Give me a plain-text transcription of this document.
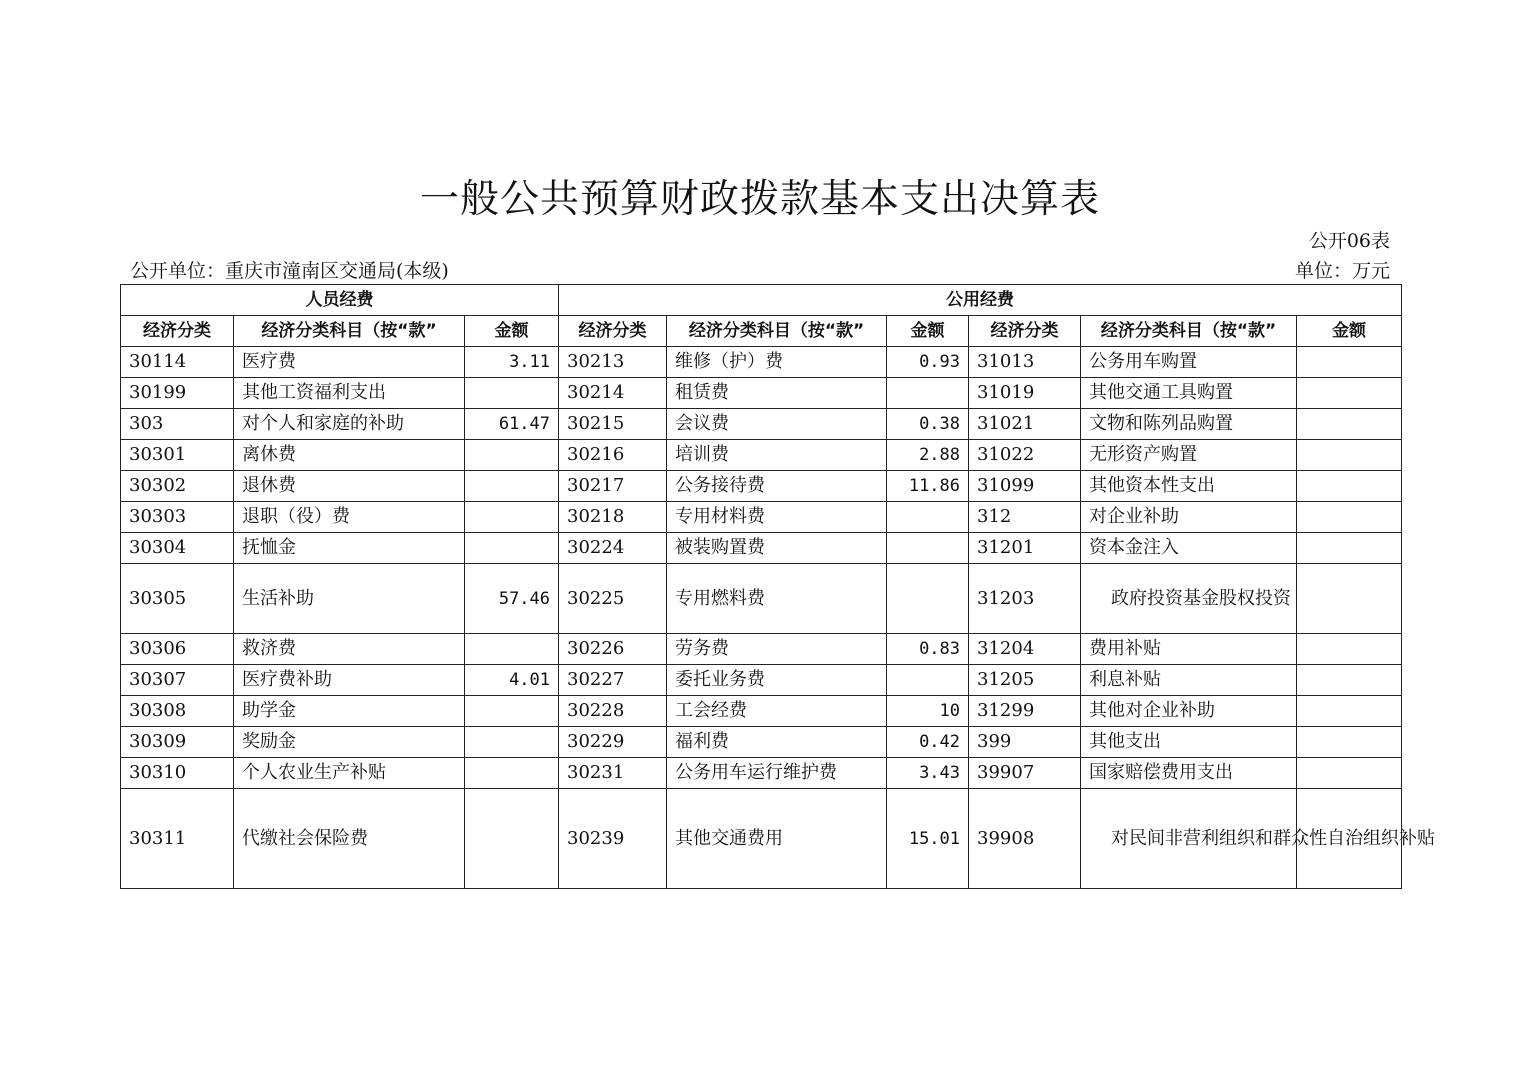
一般公共预算财政拨款基本支出决算表
公开06表
公开单位：重庆市潼南区交通局(本级)	单位：万元
人员经费			公用经费					
经济分类	经济分类科目（按“款”	金额	经济分类	经济分类科目（按“款”	金额	经济分类	经济分类科目（按“款”	金额
30114	医疗费	3.11	30213	维修（护）费	0.93	31013	公务用车购置	
30199	其他工资福利支出		30214	租赁费		31019	其他交通工具购置	
303	对个人和家庭的补助	61.47	30215	会议费	0.38	31021	文物和陈列品购置	
30301	离休费		30216	培训费	2.88	31022	无形资产购置	
30302	退休费		30217	公务接待费	11.86	31099	其他资本性支出	
30303	退职（役）费		30218	专用材料费		312	对企业补助	
30304	抚恤金		30224	被装购置费		31201	资本金注入	
30305	生活补助	57.46	30225	专用燃料费		31203	政府投资基金股权投资	
30306	救济费		30226	劳务费	0.83	31204	费用补贴	
30307	医疗费补助	4.01	30227	委托业务费		31205	利息补贴	
30308	助学金		30228	工会经费	10	31299	其他对企业补助	
30309	奖励金		30229	福利费	0.42	399	其他支出	
30310	个人农业生产补贴		30231	公务用车运行维护费	3.43	39907	国家赔偿费用支出	
30311	代缴社会保险费		30239	其他交通费用	15.01	39908	对民间非营利组织和群众性自治组织补贴	
